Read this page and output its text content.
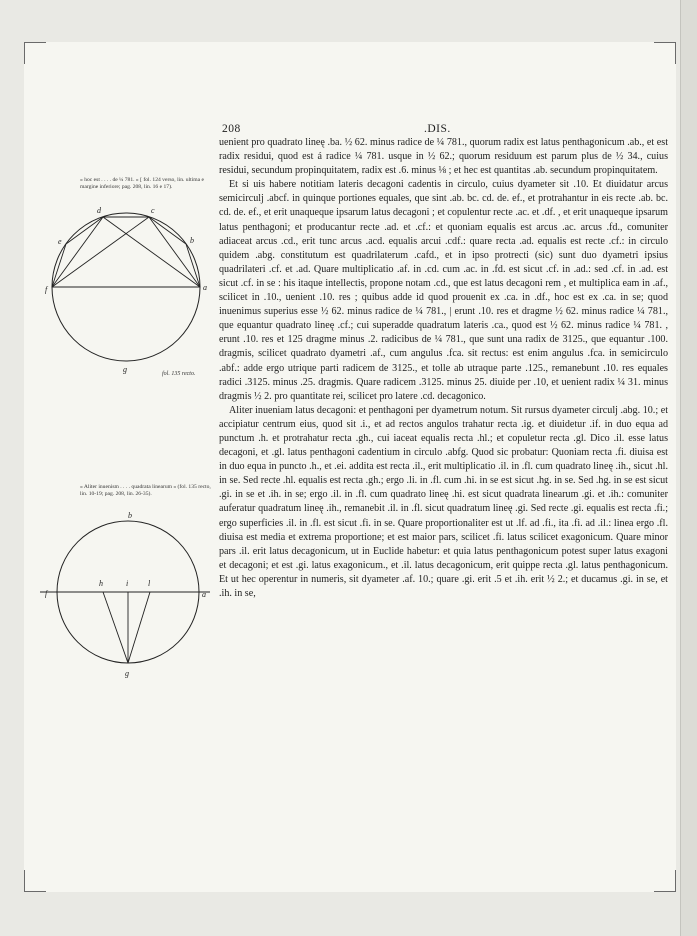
208	.DIS.
« hoc est . . . . de ¼ 781. » [ fol. 124 verso, lin. ultima e margine inferiore; pag. 208, lin. 16 e 17).
d	c
e	b
f	a
g	fol. 135 recto.
« Aliter inuenism . . . . quadrata linearum » (fol. 135 recto, lin. 10-19; pag. 208, lin. 26-35).
b
f
h	i l
a
g

uenient pro quadrato lineę .ba. ½ 62. minus radice de ¼ 781., quorum radix est latus penthagonicum .ab., et est radix residui, quod est á radice ¼ 781. usque in ½ 62.; quorum residuum est parum plus de ½ 34., cuius residui, secundum propinquitatem, radix est .6. minus ⅛ ; et hec est quantitas .ab. secundum propinquitatem.

Et si uis habere notitiam lateris decagoni cadentis in circulo, cuius dyameter sit .10. Et diuidatur arcus semicirculj .abcf. in quinque portiones equales, que sint .ab. bc. cd. de. ef., et protrahantur in eis recte .ab. bc. cd. de. ef., et erit unaqueque ipsarum latus decagoni ; et copulentur recte .ac. et .df. , et erit unaqueque ipsarum latus penthagoni; et producantur recte .ad. et .cf.: et quoniam equalis est arcus .ac. arcus .fd., comuniter adiaceat arcus .cd., erit tunc arcus .acd. equalis arcui .cdf.: quare recta .ad. equalis est recte .cf.: in circulo quidem .abg. constitutum est quadrilaterum .cafd., et in ipso protrecti (sic) sunt duo dyametri ipsius quadrilateri .cf. et .ad. Quare multiplicatio .af. in .cd. cum .ac. in .fd. est sicut .cf. in .ad.: sed .cf. in .ad. est sicut .cf. in se : his itaque intellectis, propone notam .cd., que est latus decagoni rem , et multiplica eam in .af., scilicet in .10., uenient .10. res ; quibus adde id quod prouenit ex .ca. in .df., hoc est ex .ca. in se; quod inuenimus superius esse ½ 62. minus radice de ¼ 781., | erunt .10. res et dragme ½ 62. minus radice ¼ 781., que equantur quadrato lineę .cf.; cui superadde quadratum lateris .ca., quod est ½ 62. minus radice ¼ 781. , erunt .10. res et 125 dragme minus .2. radicibus de ¼ 781., que sunt una radix de 3125., que equantur .100. dragmis, scilicet quadrato dyametri .af., cum angulus .fca. sit rectus: est enim angulus .fca. in semicirculo .abf.: adde ergo utrique parti radicem de 3125., et tolle ab utraque parte .125., remanebunt .10. res equales radici .3125. minus .25. dragmis. Quare radicem .3125. minus 25. diuide per .10, et uenient radix ¼ 31. minus dragmis ½ 2. pro quantitate rei, scilicet pro latere .cd. decagonico.

Aliter inueniam latus decagoni: et penthagoni per dyametrum notum. Sit rursus dyameter circulj .abg. 10.; et accipiatur centrum eius, quod sit .i., et ad rectos angulos trahatur recta .ig. et diuidetur .if. in duo equa ad punctum .h. et protrahatur recta .gh., cui iaceat equalis recta .hl.; et copuletur recta .gl. Dico .il. esse latus decagoni, et .gl. latus penthagoni cadentium in circulo .abfg. Quod sic probatur: Quoniam recta .fi. diuisa est in duo equa in puncto .h., et .ei. addita est recta .il., erit multiplicatio .il. in .fl. cum quadrato lineę .ih., sicut .hl. in se. Sed recte .hl. equalis est recta .gh.; ergo .li. in .fl. cum .hi. in se est sicut .hg. in se. Sed .hg. in se est sicut .gi. in se et .ih. in se; ergo .il. in .fl. cum quadrato lineę .hi. est sicut quadrata linearum .gi. et .ih.: comuniter auferatur quadratum lineę .ih., remanebit .il. in .fl. sicut quadratum lineę .gi. Sed recte .gi. equalis est recta .fi.; ergo superficies .il. in .fl. est sicut .fi. in se. Quare proportionaliter est ut .lf. ad .fi., ita .fi. ad .il.: linea ergo .fl. diuisa est media et extrema proportione; et est maior pars, scilicet .fi. latus scilicet exagonicum. Quare minor pars .il. erit latus decagonicum, ut in Euclide habetur: et quia latus penthagonicum potest super latus exagoni et decagoni; et est .gi. latus exagonicum., et .il. latus decagonicum, erit quippe recta .gl. latus penthagonicum. Et ut hec operentur in numeris, sit dyameter .af. 10.; quare .gi. erit .5 et .ih. erit ½ 2.; et ducamus .gi. in se, et .ih. in se,
